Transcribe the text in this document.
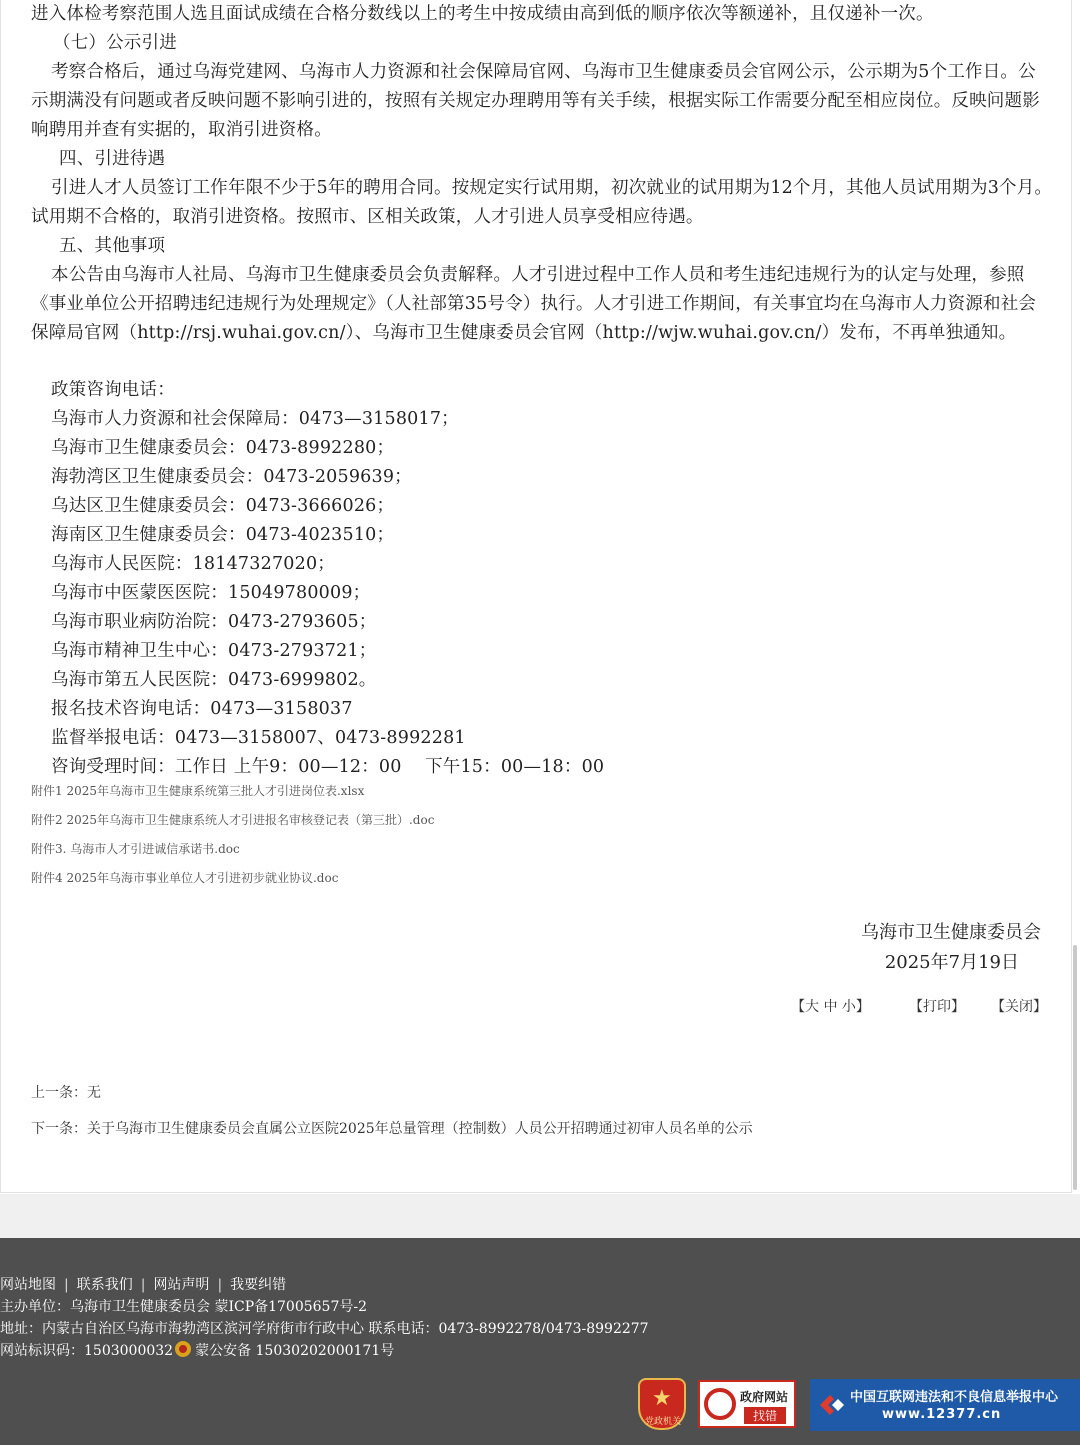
进入体检考察范围人选且面试成绩在合格分数线以上的考生中按成绩由高到低的顺序依次等额递补，且仅递补一次。
（七）公示引进
考察合格后，通过乌海党建网、乌海市人力资源和社会保障局官网、乌海市卫生健康委员会官网公示，公示期为5个工作日。公示期满没有问题或者反映问题不影响引进的，按照有关规定办理聘用等有关手续，根据实际工作需要分配至相应岗位。反映问题影响聘用并查有实据的，取消引进资格。
四、引进待遇
引进人才人员签订工作年限不少于5年的聘用合同。按规定实行试用期，初次就业的试用期为12个月，其他人员试用期为3个月。试用期不合格的，取消引进资格。按照市、区相关政策，人才引进人员享受相应待遇。
五、其他事项
本公告由乌海市人社局、乌海市卫生健康委员会负责解释。人才引进过程中工作人员和考生违纪违规行为的认定与处理，参照《事业单位公开招聘违纪违规行为处理规定》（人社部第35号令）执行。人才引进工作期间，有关事宜均在乌海市人力资源和社会保障局官网（http://rsj.wuhai.gov.cn/）、乌海市卫生健康委员会官网（http://wjw.wuhai.gov.cn/）发布，不再单独通知。
政策咨询电话：
乌海市人力资源和社会保障局：0473—3158017；
乌海市卫生健康委员会：0473-8992280；
海勃湾区卫生健康委员会：0473-2059639；
乌达区卫生健康委员会：0473-3666026；
海南区卫生健康委员会：0473-4023510；
乌海市人民医院：18147327020；
乌海市中医蒙医医院：15049780009；
乌海市职业病防治院：0473-2793605；
乌海市精神卫生中心：0473-2793721；
乌海市第五人民医院：0473-6999802。
报名技术咨询电话：0473—3158037
监督举报电话：0473—3158007、0473-8992281
咨询受理时间：工作日 上午9：00—12：00　 下午15：00—18：00
附件1 2025年乌海市卫生健康系统第三批人才引进岗位表.xlsx
附件2 2025年乌海市卫生健康系统人才引进报名审核登记表（第三批）.doc
附件3. 乌海市人才引进诚信承诺书.doc
附件4 2025年乌海市事业单位人才引进初步就业协议.doc
乌海市卫生健康委员会
2025年7月19日
【大 中 小】	【打印】 【关闭】
上一条：无
下一条：关于乌海市卫生健康委员会直属公立医院2025年总量管理（控制数）人员公开招聘通过初审人员名单的公示
网站地图 | 联系我们 | 网站声明 | 我要纠错
主办单位：乌海市卫生健康委员会 蒙ICP备17005657号-2
地址：内蒙古自治区乌海市海勃湾区滨河学府街市行政中心 联系电话：0473-8992278/0473-8992277
网站标识码：1503000032 蒙公安备 15030202000171号
★
党政机关
政府网站
找错
中国互联网违法和不良信息举报中心
www.12377.cn
